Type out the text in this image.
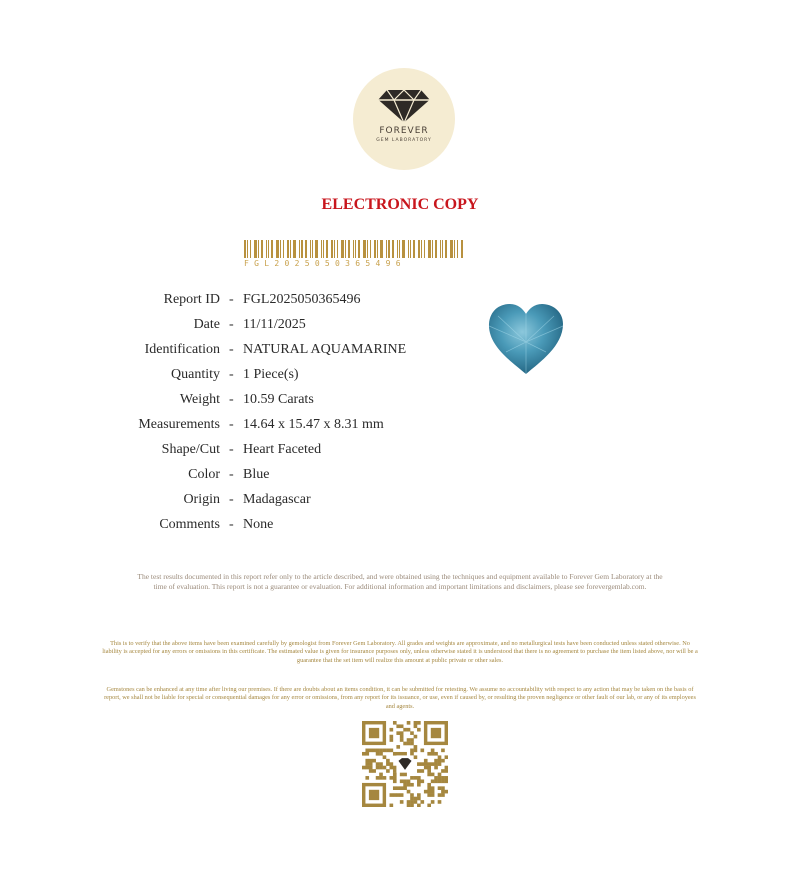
FOREVER
GEM LABORATORY
ELECTRONIC COPY
FGL2025050365496
Report ID - FGL2025050365496
Date - 11/11/2025
Identification - NATURAL AQUAMARINE
Quantity - 1 Piece(s)
Weight - 10.59 Carats
Measurements - 14.64 x 15.47 x 8.31 mm
Shape/Cut - Heart Faceted
Color - Blue
Origin - Madagascar
Comments - None
The test results documented in this report refer only to the article described, and were obtained using the techniques and equipment available to Forever Gem Laboratory at the time of evaluation. This report is not a guarantee or evaluation. For additional information and important limitations and disclaimers, please see forevergemlab.com.
This is to verify that the above items have been examined carefully by gemologist from Forever Gem Laboratory. All grades and weights are approximate, and no metallurgical tests have been conducted unless stated otherwise. No liability is accepted for any errors or omissions in this certificate. The estimated value is given for insurance purposes only, unless otherwise stated it is understood that there is no agreement to purchase the item listed above, nor will be a guarantee that the set item will realize this amount at public private or other sales.
Gemstones can be enhanced at any time after living our premises. If there are doubts about an items condition, it can be submitted for retesting. We assume no accountability with respect to any action that may be taken on the basis of report, we shall not be liable for special or consequential damages for any error or omissions, from any report for its issuance, or use, even if caused by, or resulting the proven negligence or other fault of our lab, or any of its employees and agents.
